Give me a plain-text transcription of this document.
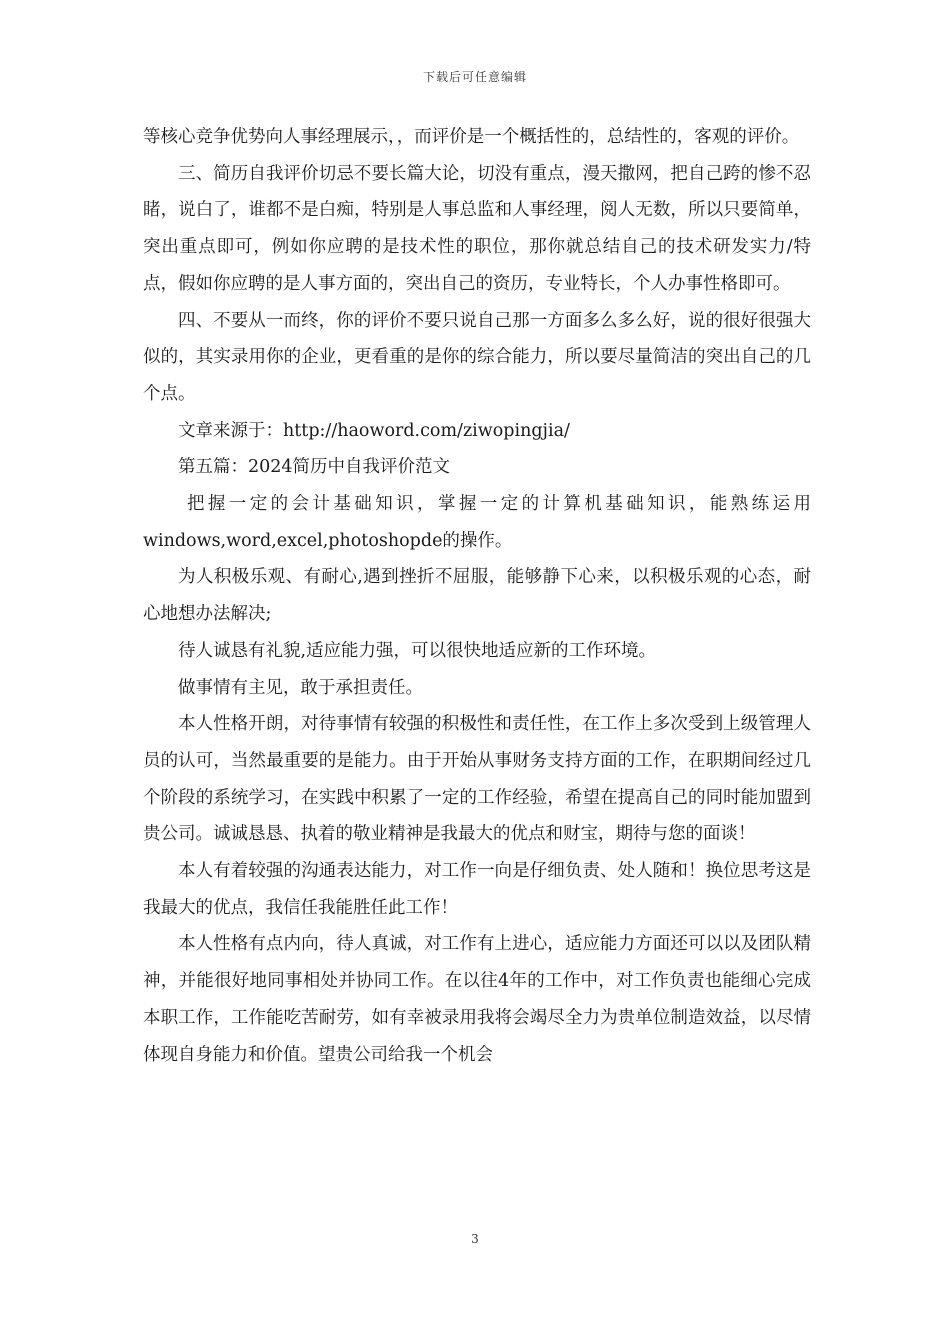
下载后可任意编辑

等核心竞争优势向人事经理展示，，而评价是一个概括性的，总结性的，客观的评价。

三、简历自我评价切忌不要长篇大论，切没有重点，漫天撒网，把自己跨的惨不忍睹，说白了，谁都不是白痴，特别是人事总监和人事经理，阅人无数，所以只要简单，突出重点即可，例如你应聘的是技术性的职位，那你就总结自己的技术研发实力/特点，假如你应聘的是人事方面的，突出自己的资历，专业特长，个人办事性格即可。

四、不要从一而终，你的评价不要只说自己那一方面多么多么好，说的很好很强大似的，其实录用你的企业，更看重的是你的综合能力，所以要尽量简洁的突出自己的几个点。

文章来源于：http://haoword.com/ziwopingjia/

第五篇：2024简历中自我评价范文

把握一定的会计基础知识，掌握一定的计算机基础知识，能熟练运用windows,word,excel,photoshopde的操作。

为人积极乐观、有耐心,遇到挫折不屈服，能够静下心来，以积极乐观的心态，耐心地想办法解决;

待人诚恳有礼貌,适应能力强，可以很快地适应新的工作环境。

做事情有主见，敢于承担责任。

本人性格开朗，对待事情有较强的积极性和责任性，在工作上多次受到上级管理人员的认可，当然最重要的是能力。由于开始从事财务支持方面的工作，在职期间经过几个阶段的系统学习，在实践中积累了一定的工作经验，希望在提高自己的同时能加盟到贵公司。诚诚恳恳、执着的敬业精神是我最大的优点和财宝，期待与您的面谈！

本人有着较强的沟通表达能力，对工作一向是仔细负责、处人随和！换位思考这是我最大的优点，我信任我能胜任此工作！

本人性格有点内向，待人真诚，对工作有上进心，适应能力方面还可以以及团队精神，并能很好地同事相处并协同工作。在以往4年的工作中，对工作负责也能细心完成本职工作，工作能吃苦耐劳，如有幸被录用我将会竭尽全力为贵单位制造效益，以尽情体现自身能力和价值。望贵公司给我一个机会

3
